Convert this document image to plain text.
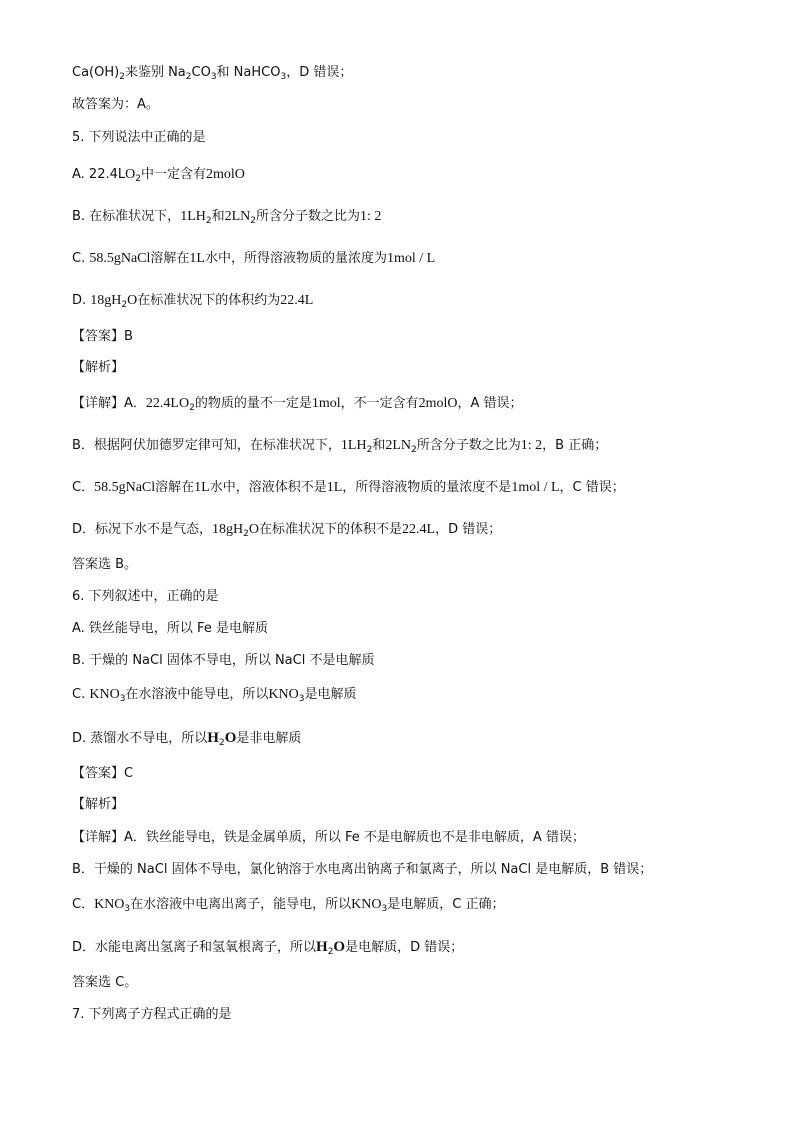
$Ca(OH)_2$来鉴别 $Na_2CO_3$和 NaHCO$_3$，D 错误；
故答案为：A。
5. 下列说法中正确的是
A. $22.4LO_2$中一定含有2molO
B. 在标准状况下，$1LH_2$和$2LN_2$所含分子数之比为1: 2
C. 58.5gNaCl溶解在1L水中，所得溶液物质的量浓度为1mol / L
D. $18gH_2O$在标准状况下的体积约为22.4L
【答案】B
【解析】
【详解】A．$22.4LO_2$的物质的量不一定是1mol，不一定含有2molO，A 错误；
B．根据阿伏加德罗定律可知，在标准状况下，$1LH_2$和$2LN_2$所含分子数之比为1: 2，B 正确；
C．58.5gNaCl溶解在1L水中，溶液体积不是1L，所得溶液物质的量浓度不是1mol / L，C 错误；
D．标况下水不是气态，$18gH_2O$在标准状况下的体积不是22.4L，D 错误；
答案选 B。
6. 下列叙述中，正确的是
A. 铁丝能导电，所以 Fe 是电解质
B. 干燥的 NaCl 固体不导电，所以 NaCl 不是电解质
C. $KNO_3$在水溶液中能导电，所以$KNO_3$是电解质
D. 蒸馏水不导电，所以$H_2O$是非电解质
【答案】C
【解析】
【详解】A．铁丝能导电，铁是金属单质，所以 Fe 不是电解质也不是非电解质，A 错误；
B．干燥的 NaCl 固体不导电，氯化钠溶于水电离出钠离子和氯离子，所以 NaCl 是电解质，B 错误；
C．$KNO_3$在水溶液中电离出离子，能导电，所以$KNO_3$是电解质，C 正确；
D．水能电离出氢离子和氢氧根离子，所以$H_2O$是电解质，D 错误；
答案选 C。
7. 下列离子方程式正确的是
